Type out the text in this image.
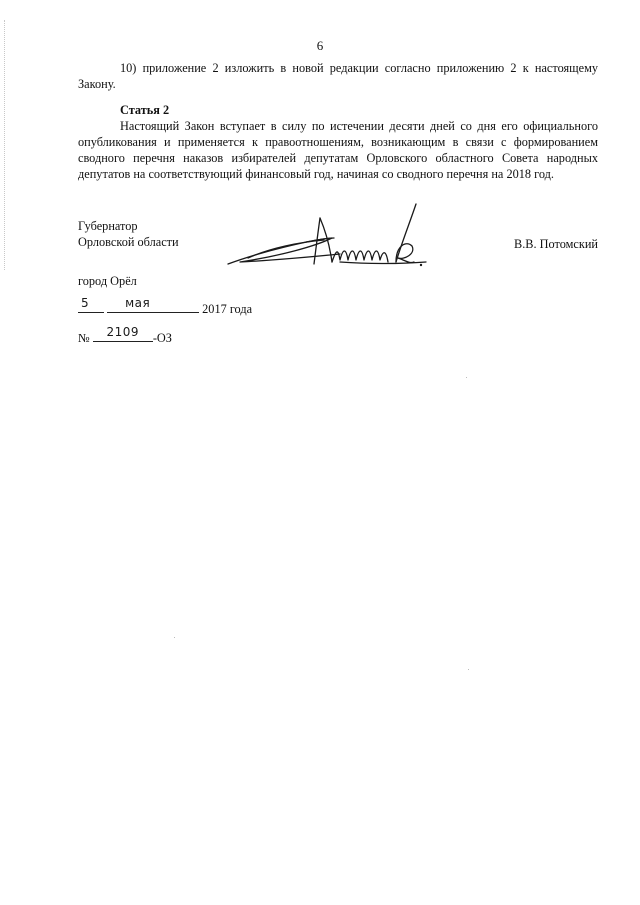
6
10) приложение 2 изложить в новой редакции согласно приложению 2 к настоящему
Закону.
Статья 2
Настоящий Закон вступает в силу по истечении десяти дней со дня его официального
опубликования и применяется к правоотношениям, возникающим в связи с формированием
сводного перечня наказов избирателей депутатам Орловского областного Совета народных
депутатов на соответствующий финансовый год, начиная со сводного перечня на 2018 год.
Губернатор
Орловской области	В.В. Потомский
город Орёл
5
	мая	2017 года
№	2109	-ОЗ
